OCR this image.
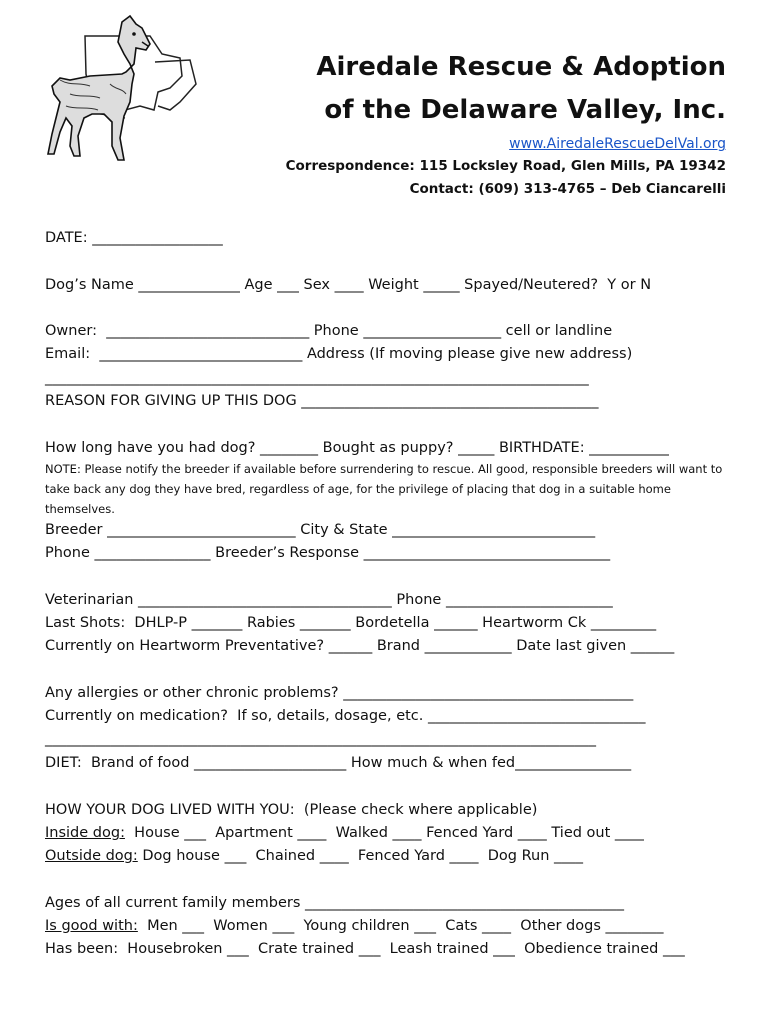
Airedale Rescue & Adoption
of the Delaware Valley, Inc.
www.AiredaleRescueDelVal.org
Correspondence: 115 Locksley Road, Glen Mills, PA 19342
Contact: (609) 313-4765 – Deb Ciancarelli
DATE: __________________
Dog’s Name ______________ Age ___ Sex ____ Weight _____ Spayed/Neutered?  Y or N
Owner:  ____________________________ Phone ___________________ cell or landline
Email:  ____________________________ Address (If moving please give new address)
___________________________________________________________________________
REASON FOR GIVING UP THIS DOG _________________________________________
How long have you had dog? ________ Bought as puppy? _____ BIRTHDATE: ___________
NOTE: Please notify the breeder if available before surrendering to rescue. All good, responsible breeders will want to take back any dog they have bred, regardless of age, for the privilege of placing that dog in a suitable home themselves.
Breeder __________________________ City & State ____________________________
Phone ________________ Breeder’s Response __________________________________
Veterinarian ___________________________________ Phone _______________________
Last Shots:  DHLP-P _______ Rabies _______ Bordetella ______ Heartworm Ck _________
Currently on Heartworm Preventative? ______ Brand ____________ Date last given ______
Any allergies or other chronic problems? ________________________________________
Currently on medication?  If so, details, dosage, etc. ______________________________
____________________________________________________________________________
DIET:  Brand of food _____________________ How much & when fed________________
HOW YOUR DOG LIVED WITH YOU:  (Please check where applicable)
Inside dog:  House ___  Apartment ____  Walked ____ Fenced Yard ____ Tied out ____
Outside dog: Dog house ___  Chained ____  Fenced Yard ____  Dog Run ____
Ages of all current family members ____________________________________________
Is good with:  Men ___  Women ___  Young children ___  Cats ____  Other dogs ________
Has been:  Housebroken ___  Crate trained ___  Leash trained ___  Obedience trained ___
